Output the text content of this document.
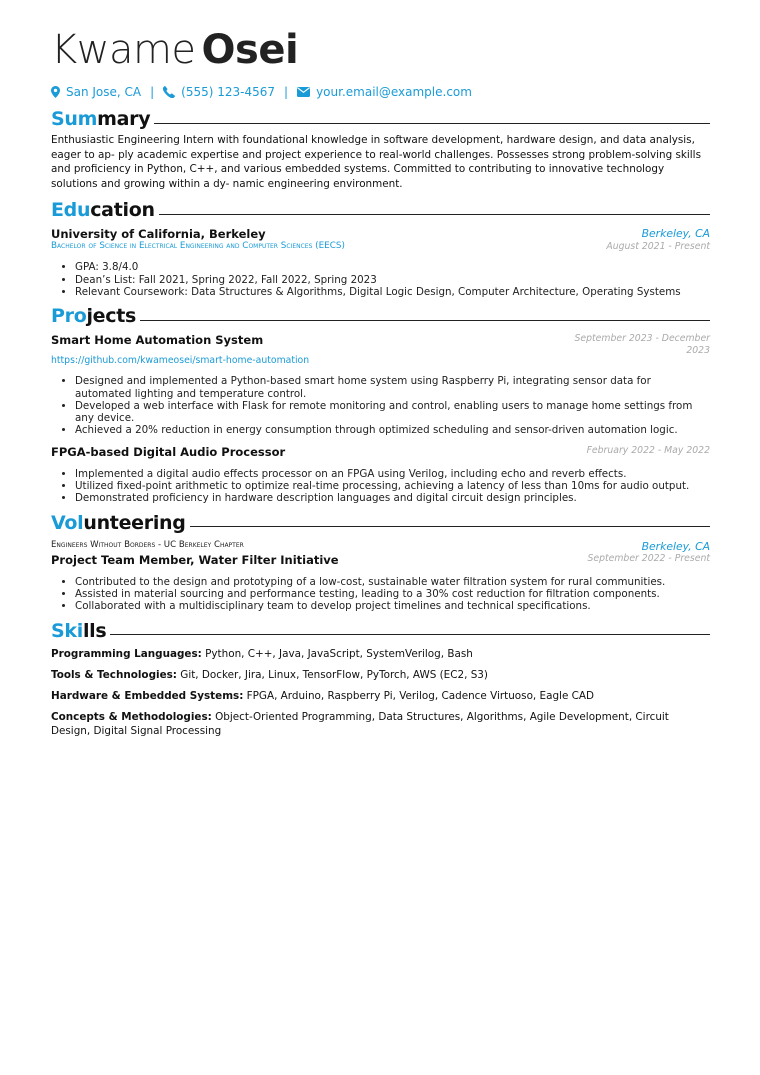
Kwame Osei
San Jose, CA | (555) 123-4567 | your.email@example.com
Summary
Enthusiastic Engineering Intern with foundational knowledge in software development, hardware design, and data analysis, eager to ap- ply academic expertise and project experience to real-world challenges. Possesses strong problem-solving skills and proficiency in Python, C++, and various embedded systems. Committed to contributing to innovative technology solutions and growing within a dy- namic engineering environment.
Education
University of California, Berkeley	Berkeley, CA
Bachelor of Science in Electrical Engineering and Computer Sciences (EECS)	August 2021 - Present
• GPA: 3.8/4.0
• Dean’s List: Fall 2021, Spring 2022, Fall 2022, Spring 2023
• Relevant Coursework: Data Structures & Algorithms, Digital Logic Design, Computer Architecture, Operating Systems
Projects
Smart Home Automation System	September 2023 - December
2023
https://github.com/kwameosei/smart-home-automation
• Designed and implemented a Python-based smart home system using Raspberry Pi, integrating sensor data for automated lighting and temperature control.
• Developed a web interface with Flask for remote monitoring and control, enabling users to manage home settings from any device.
• Achieved a 20% reduction in energy consumption through optimized scheduling and sensor-driven automation logic.
FPGA-based Digital Audio Processor	February 2022 - May 2022
• Implemented a digital audio effects processor on an FPGA using Verilog, including echo and reverb effects.
• Utilized fixed-point arithmetic to optimize real-time processing, achieving a latency of less than 10ms for audio output.
• Demonstrated proficiency in hardware description languages and digital circuit design principles.
Volunteering
Engineers Without Borders - UC Berkeley Chapter	Berkeley, CA
Project Team Member, Water Filter Initiative	September 2022 - Present
• Contributed to the design and prototyping of a low-cost, sustainable water filtration system for rural communities.
• Assisted in material sourcing and performance testing, leading to a 30% cost reduction for filtration components.
• Collaborated with a multidisciplinary team to develop project timelines and technical specifications.
Skills
Programming Languages: Python, C++, Java, JavaScript, SystemVerilog, Bash
Tools & Technologies: Git, Docker, Jira, Linux, TensorFlow, PyTorch, AWS (EC2, S3)
Hardware & Embedded Systems: FPGA, Arduino, Raspberry Pi, Verilog, Cadence Virtuoso, Eagle CAD
Concepts & Methodologies: Object-Oriented Programming, Data Structures, Algorithms, Agile Development, Circuit Design, Digital Signal Processing
